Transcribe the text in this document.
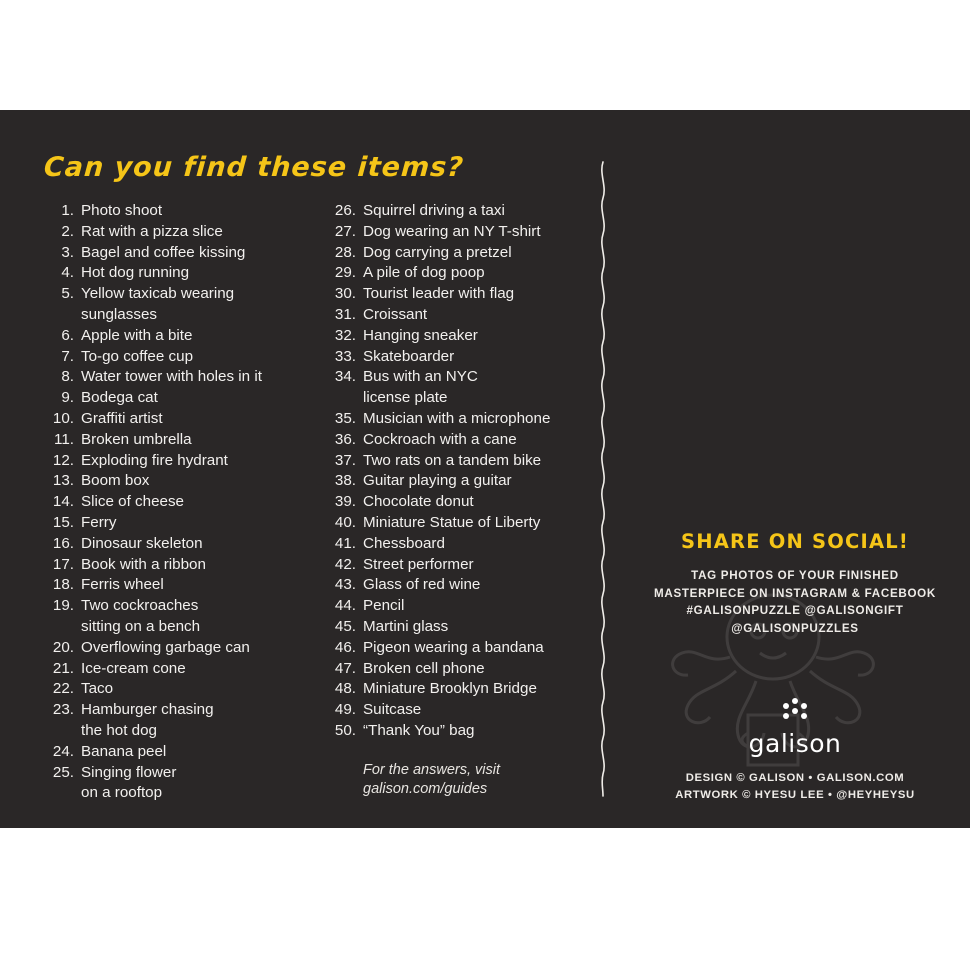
Can you find these items?
1. Photo shoot
2. Rat with a pizza slice
3. Bagel and coffee kissing
4. Hot dog running
5. Yellow taxicab wearing
sunglasses
6. Apple with a bite
7. To-go coffee cup
8. Water tower with holes in it
9. Bodega cat
10. Graffiti artist
11. Broken umbrella
12. Exploding fire hydrant
13. Boom box
14. Slice of cheese
15. Ferry
16. Dinosaur skeleton
17. Book with a ribbon
18. Ferris wheel
19. Two cockroaches
sitting on a bench
20. Overflowing garbage can
21. Ice-cream cone
22. Taco
23. Hamburger chasing
the hot dog
24. Banana peel
25. Singing flower
on a rooftop
26. Squirrel driving a taxi
27. Dog wearing an NY T-shirt
28. Dog carrying a pretzel
29. A pile of dog poop
30. Tourist leader with flag
31. Croissant
32. Hanging sneaker
33. Skateboarder
34. Bus with an NYC
license plate
35. Musician with a microphone
36. Cockroach with a cane
37. Two rats on a tandem bike
38. Guitar playing a guitar
39. Chocolate donut
40. Miniature Statue of Liberty
41. Chessboard
42. Street performer
43. Glass of red wine
44. Pencil
45. Martini glass
46. Pigeon wearing a bandana
47. Broken cell phone
48. Miniature Brooklyn Bridge
49. Suitcase
50. “Thank You” bag
For the answers, visit
galison.com/guides
SHARE ON SOCIAL!
TAG PHOTOS OF YOUR FINISHED
MASTERPIECE ON INSTAGRAM & FACEBOOK
#GALISONPUZZLE @GALISONGIFT
@GALISONPUZZLES
galison
DESIGN © GALISON • GALISON.COM
ARTWORK © HYESU LEE • @HEYHEYSU
